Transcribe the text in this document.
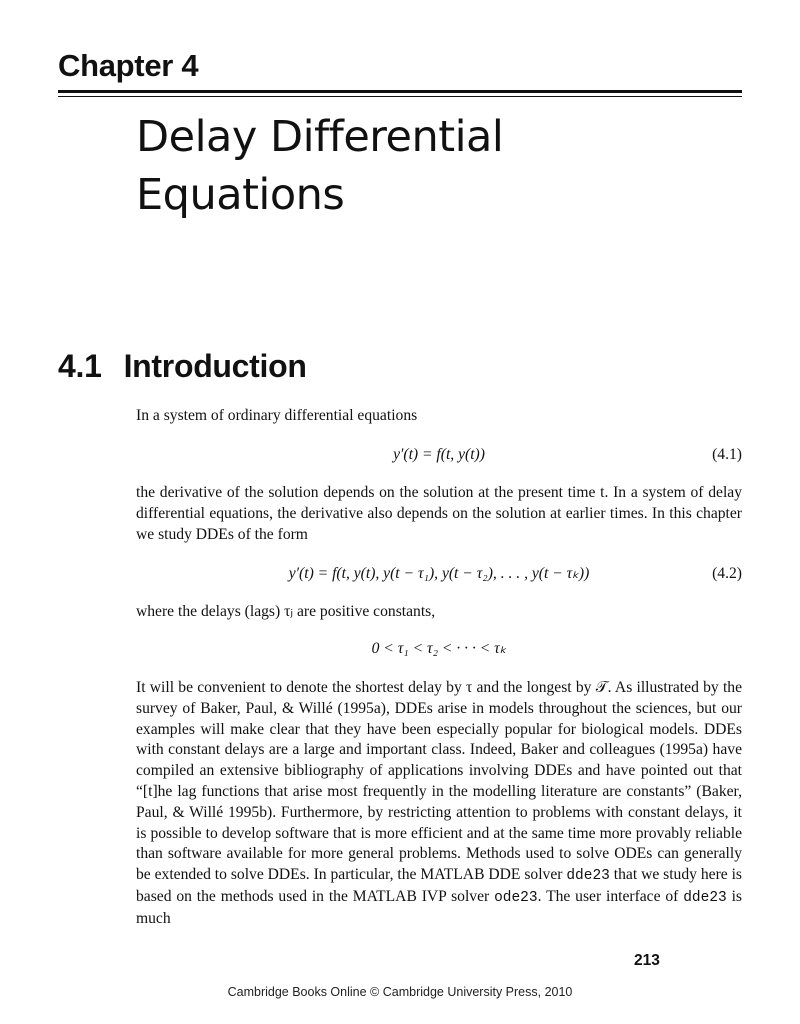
Chapter 4
Delay Differential
Equations
4.1 Introduction
In a system of ordinary differential equations
y′(t) = f(t, y(t))	(4.1)
the derivative of the solution depends on the solution at the present time t. In a system of delay differential equations, the derivative also depends on the solution at earlier times. In this chapter we study DDEs of the form
y′(t) = f(t, y(t), y(t − τ₁), y(t − τ₂), . . . , y(t − τₖ))	(4.2)
where the delays (lags) τⱼ are positive constants,
0 < τ₁ < τ₂ < · · · < τₖ
It will be convenient to denote the shortest delay by τ and the longest by 𝒯. As illustrated by the survey of Baker, Paul, & Willé (1995a), DDEs arise in models throughout the sciences, but our examples will make clear that they have been especially popular for biological models. DDEs with constant delays are a large and important class. Indeed, Baker and colleagues (1995a) have compiled an extensive bibliography of applications involving DDEs and have pointed out that “[t]he lag functions that arise most frequently in the modelling literature are constants” (Baker, Paul, & Willé 1995b). Furthermore, by restricting attention to problems with constant delays, it is possible to develop software that is more efficient and at the same time more provably reliable than software available for more general problems. Methods used to solve ODEs can generally be extended to solve DDEs. In particular, the MATLAB DDE solver dde23 that we study here is based on the methods used in the MATLAB IVP solver ode23. The user interface of dde23 is much
213
Cambridge Books Online © Cambridge University Press, 2010
